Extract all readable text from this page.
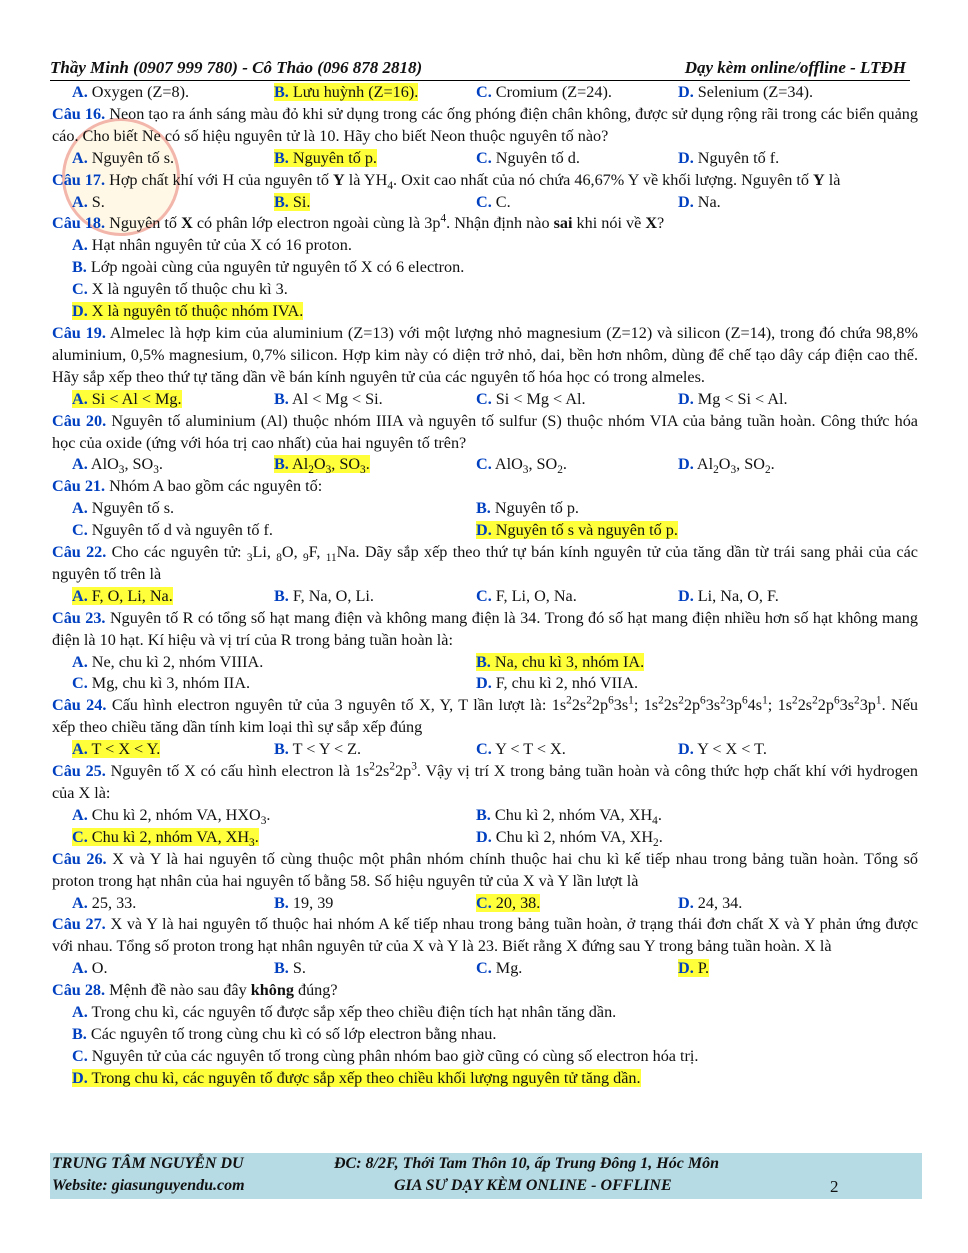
Thầy Minh (0907 999 780) - Cô Thảo (096 878 2818)	Dạy kèm online/offline - LTĐH
A. Oxygen (Z=8).	B. Lưu huỳnh (Z=16).	C. Cromium (Z=24).	D. Selenium (Z=34).

Câu 16. Neon tạo ra ánh sáng màu đỏ khi sử dụng trong các ống phóng điện chân không, được sử dụng rộng rãi trong các biển quảng cáo. Cho biết Ne có số hiệu nguyên tử là 10. Hãy cho biết Neon thuộc nguyên tố nào?

A. Nguyên tố s.	B. Nguyên tố p.	C. Nguyên tố d.	D. Nguyên tố f.

Câu 17. Hợp chất khí với H của nguyên tố Y là $YH_4$. Oxit cao nhất của nó chứa 46,67% Y về khối lượng. Nguyên tố Y là

A. S.	B. Si.	C. C.	D. Na.

Câu 18. Nguyên tố X có phân lớp electron ngoài cùng là $3p^4$. Nhận định nào sai khi nói về X?

A. Hạt nhân nguyên tử của X có 16 proton.
B. Lớp ngoài cùng của nguyên tử nguyên tố X có 6 electron.
C. X là nguyên tố thuộc chu kì 3.
D. X là nguyên tố thuộc nhóm IVA.

Câu 19. Almelec là hợp kim của aluminium (Z=13) với một lượng nhỏ magnesium (Z=12) và silicon (Z=14), trong đó chứa 98,8% aluminium, 0,5% magnesium, 0,7% silicon. Hợp kim này có diện trở nhỏ, dai, bền hơn nhôm, dùng để chế tạo dây cáp điện cao thế. Hãy sắp xếp theo thứ tự tăng dần về bán kính nguyên tử của các nguyên tố hóa học có trong almeles.

A. Si < Al < Mg.	B. Al < Mg < Si.	C. Si < Mg < Al.	D. Mg < Si < Al.

Câu 20. Nguyên tố aluminium (Al) thuộc nhóm IIIA và nguyên tố sulfur (S) thuộc nhóm VIA của bảng tuần hoàn. Công thức hóa học của oxide (ứng với hóa trị cao nhất) của hai nguyên tố trên?

A. AlO$_3$, $SO_3$.	B. $Al_2O_3$, $SO_3$.	C. AlO$_3$, $SO_2$.	D. $Al_2O_3$, $SO_2$.

Câu 21. Nhóm A bao gồm các nguyên tố:

A. Nguyên tố s.	B. Nguyên tố p.
C. Nguyên tố d và nguyên tố f.	D. Nguyên tố s và nguyên tố p.

Câu 22. Cho các nguyên tử: $_3$Li, $_8$O, $_9$F, $_{11}$Na. Dãy sắp xếp theo thứ tự bán kính nguyên tử của tăng dần từ trái sang phải của các nguyên tố trên là

A. F, O, Li, Na.	B. F, Na, O, Li.	C. F, Li, O, Na.	D. Li, Na, O, F.

Câu 23. Nguyên tố R có tổng số hạt mang điện và không mang điện là 34. Trong đó số hạt mang điện nhiều hơn số hạt không mang điện là 10 hạt. Kí hiệu và vị trí của R trong bảng tuần hoàn là:

A. Ne, chu kì 2, nhóm VIIIA.	B. Na, chu kì 3, nhóm IA.
C. Mg, chu kì 3, nhóm IIA.	D. F, chu kì 2, nhó VIIA.

Câu 24. Cấu hình electron nguyên tử của 3 nguyên tố X, Y, T lần lượt là: $1s^22s^22p^63s^1$; $1s^22s^22p^63s^23p^64s^1$; $1s^22s^22p^63s^23p^1$. Nếu xếp theo chiều tăng dần tính kim loại thì sự sắp xếp đúng

A. T < X < Y.	B. T < Y < Z.	C. Y < T < X.	D. Y < X < T.

Câu 25. Nguyên tố X có cấu hình electron là $1s^22s^22p^3$. Vậy vị trí X trong bảng tuần hoàn và công thức hợp chất khí với hydrogen của X là:

A. Chu kì 2, nhóm VA, $HXO_3$.	B. Chu kì 2, nhóm VA, $XH_4$.
C. Chu kì 2, nhóm VA, $XH_3$.	D. Chu kì 2, nhóm VA, $XH_2$.

Câu 26. X và Y là hai nguyên tố cùng thuộc một phân nhóm chính thuộc hai chu kì kế tiếp nhau trong bảng tuần hoàn. Tổng số proton trong hạt nhân của hai nguyên tố bằng 58. Số hiệu nguyên tử của X và Y lần lượt là

A. 25, 33.	B. 19, 39	C. 20, 38.	D. 24, 34.

Câu 27. X và Y là hai nguyên tố thuộc hai nhóm A kế tiếp nhau trong bảng tuần hoàn, ở trạng thái đơn chất X và Y phản ứng được với nhau. Tổng số proton trong hạt nhân nguyên tử của X và Y là 23. Biết rằng X đứng sau Y trong bảng tuần hoàn. X là

A. O.	B. S.	C. Mg.	D. P.

Câu 28. Mệnh đề nào sau đây không đúng?

A. Trong chu kì, các nguyên tố được sắp xếp theo chiều điện tích hạt nhân tăng dần.
B. Các nguyên tố trong cùng chu kì có số lớp electron bằng nhau.
C. Nguyên tử của các nguyên tố trong cùng phân nhóm bao giờ cũng có cùng số electron hóa trị.
D. Trong chu kì, các nguyên tố được sắp xếp theo chiều khối lượng nguyên tử tăng dần.
TRUNG TÂM NGUYỄN DU	ĐC: 8/2F, Thới Tam Thôn 10, ấp Trung Đông 1, Hóc Môn
Website: giasunguyendu.com	GIA SƯ DẠY KÈM ONLINE - OFFLINE	2
